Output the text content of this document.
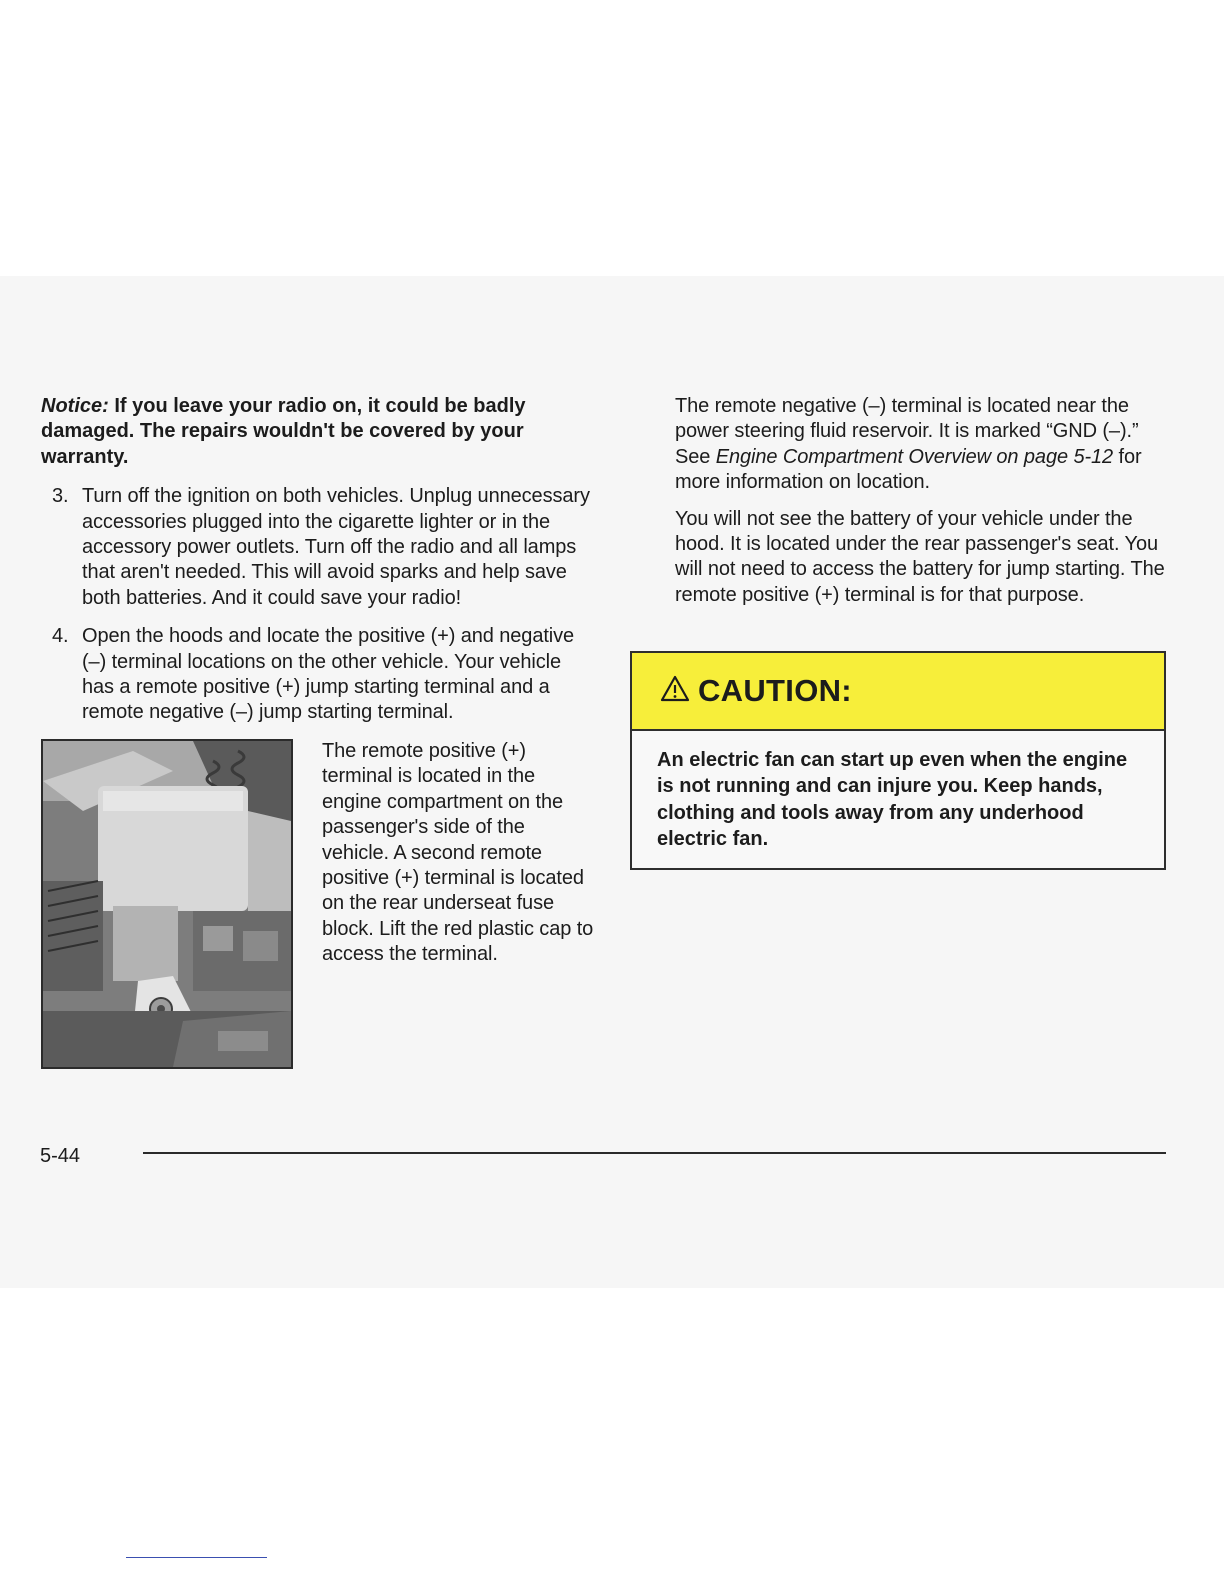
Notice: If you leave your radio on, it could be badly damaged. The repairs wouldn't be covered by your warranty.

3. Turn off the ignition on both vehicles. Unplug unnecessary accessories plugged into the cigarette lighter or in the accessory power outlets. Turn off the radio and all lamps that aren't needed. This will avoid sparks and help save both batteries. And it could save your radio!
4. Open the hoods and locate the positive (+) and negative (–) terminal locations on the other vehicle. Your vehicle has a remote positive (+) jump starting terminal and a remote negative (–) jump starting terminal.

The remote positive (+) terminal is located in the engine compartment on the passenger's side of the vehicle. A second remote positive (+) terminal is located on the rear underseat fuse block. Lift the red plastic cap to access the terminal.

The remote negative (–) terminal is located near the power steering fluid reservoir. It is marked “GND (–).” See Engine Compartment Overview on page 5-12 for more information on location.

You will not see the battery of your vehicle under the hood. It is located under the rear passenger's seat. You will not need to access the battery for jump starting. The remote positive (+) terminal is for that purpose.

CAUTION:

An electric fan can start up even when the engine is not running and can injure you. Keep hands, clothing and tools away from any underhood electric fan.

5-44
